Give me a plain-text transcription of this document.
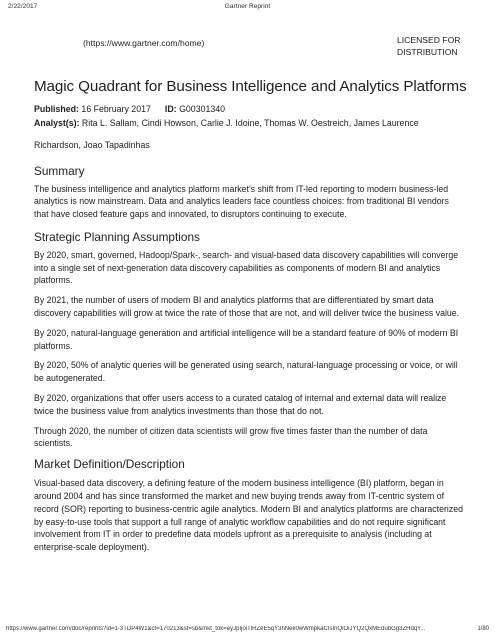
2/22/2017	Gartner Reprint
(https://www.gartner.com/home)	LICENSED FOR
DISTRIBUTION
Magic Quadrant for Business Intelligence and Analytics Platforms
Published: 16 February 2017 ID: G00301340
Analyst(s): Rita L. Sallam, Cindi Howson, Carlie J. Idoine, Thomas W. Oestreich, James Laurence
Richardson, Joao Tapadinhas
Summary

The business intelligence and analytics platform market's shift from IT-led reporting to modern business-led analytics is now mainstream. Data and analytics leaders face countless choices: from traditional BI vendors that have closed feature gaps and innovated, to disruptors continuing to execute.

Strategic Planning Assumptions

By 2020, smart, governed, Hadoop/Spark-, search- and visual-based data discovery capabilities will converge into a single set of next-generation data discovery capabilities as components of modern BI and analytics platforms.

By 2021, the number of users of modern BI and analytics platforms that are differentiated by smart data discovery capabilities will grow at twice the rate of those that are not, and will deliver twice the business value.

By 2020, natural-language generation and artificial intelligence will be a standard feature of 90% of modern BI platforms.

By 2020, 50% of analytic queries will be generated using search, natural-language processing or voice, or will be autogenerated.

By 2020, organizations that offer users access to a curated catalog of internal and external data will realize twice the business value from analytics investments than those that do not.

Through 2020, the number of citizen data scientists will grow five times faster than the number of data scientists.

Market Definition/Description

Visual-based data discovery, a defining feature of the modern business intelligence (BI) platform, began in around 2004 and has since transformed the market and new buying trends away from IT-centric system of record (SOR) reporting to business-centric agile analytics. Modern BI and analytics platforms are characterized by easy-to-use tools that support a full range of analytic workflow capabilities and do not require significant involvement from IT in order to predefine data models upfront as a prerequisite to analysis (including at enterprise-scale deployment).

https://www.gartner.com/doc/reprints?id=1-3TDP4W1&ct=170213&st=sb&mkt_tok=eyJpIjoiTlRZeE5qY3hNek0wWmpkaCIsInQiOiJYQ2QxMEdubGg3ZHdqY...	1/80
